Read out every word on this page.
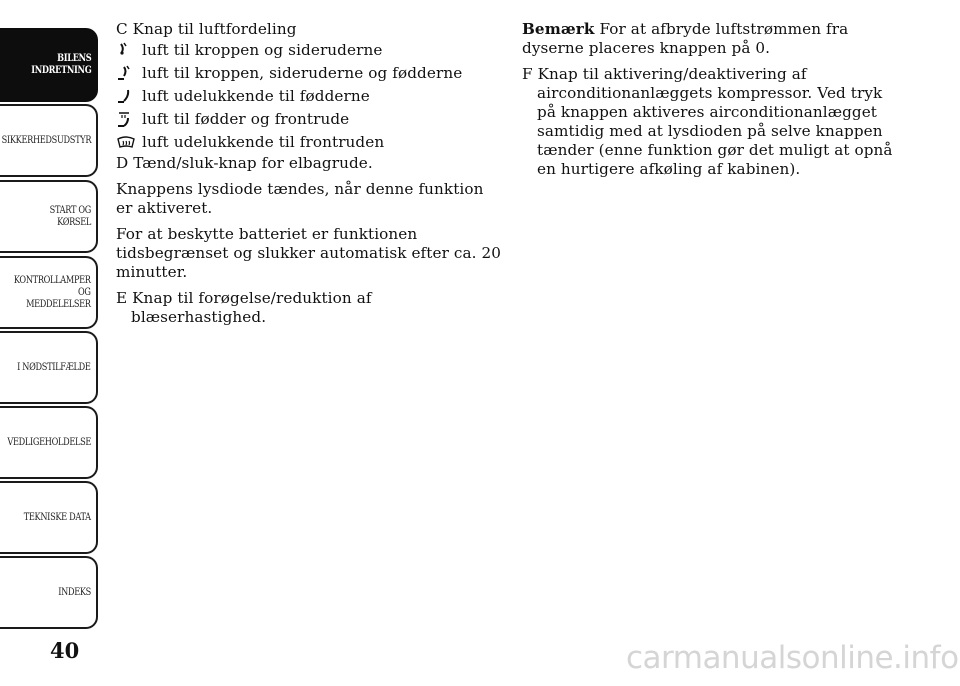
BILENS
INDRETNING
SIKKERHEDSUDSTYR
START OG KØRSEL
KONTROLLAMPER
OG MEDDELELSER
I NØDSTILFÆLDE
VEDLIGEHOLDELSE
TEKNISKE DATA
INDEKS
40
C Knap til luftfordeling
luft til kroppen og sideruderne
luft til kroppen, sideruderne og fødderne
luft udelukkende til fødderne
luft til fødder og frontrude
luft udelukkende til frontruden
D Tænd/sluk-knap for elbagrude.
Knappens lysdiode tændes, når denne funktion er aktiveret.
For at beskytte batteriet er funktionen tidsbegrænset og slukker automatisk efter ca. 20 minutter.
E Knap til forøgelse/reduktion af blæserhastighed.
Bemærk For at afbryde luftstrømmen fra dyserne placeres knappen på 0.
F Knap til aktivering/deaktivering af airconditionanlæggets kompressor. Ved tryk på knappen aktiveres airconditionanlægget samtidig med at lysdioden på selve knappen tænder (enne funktion gør det muligt at opnå en hurtigere afkøling af kabinen).
carmanualsonline.info
